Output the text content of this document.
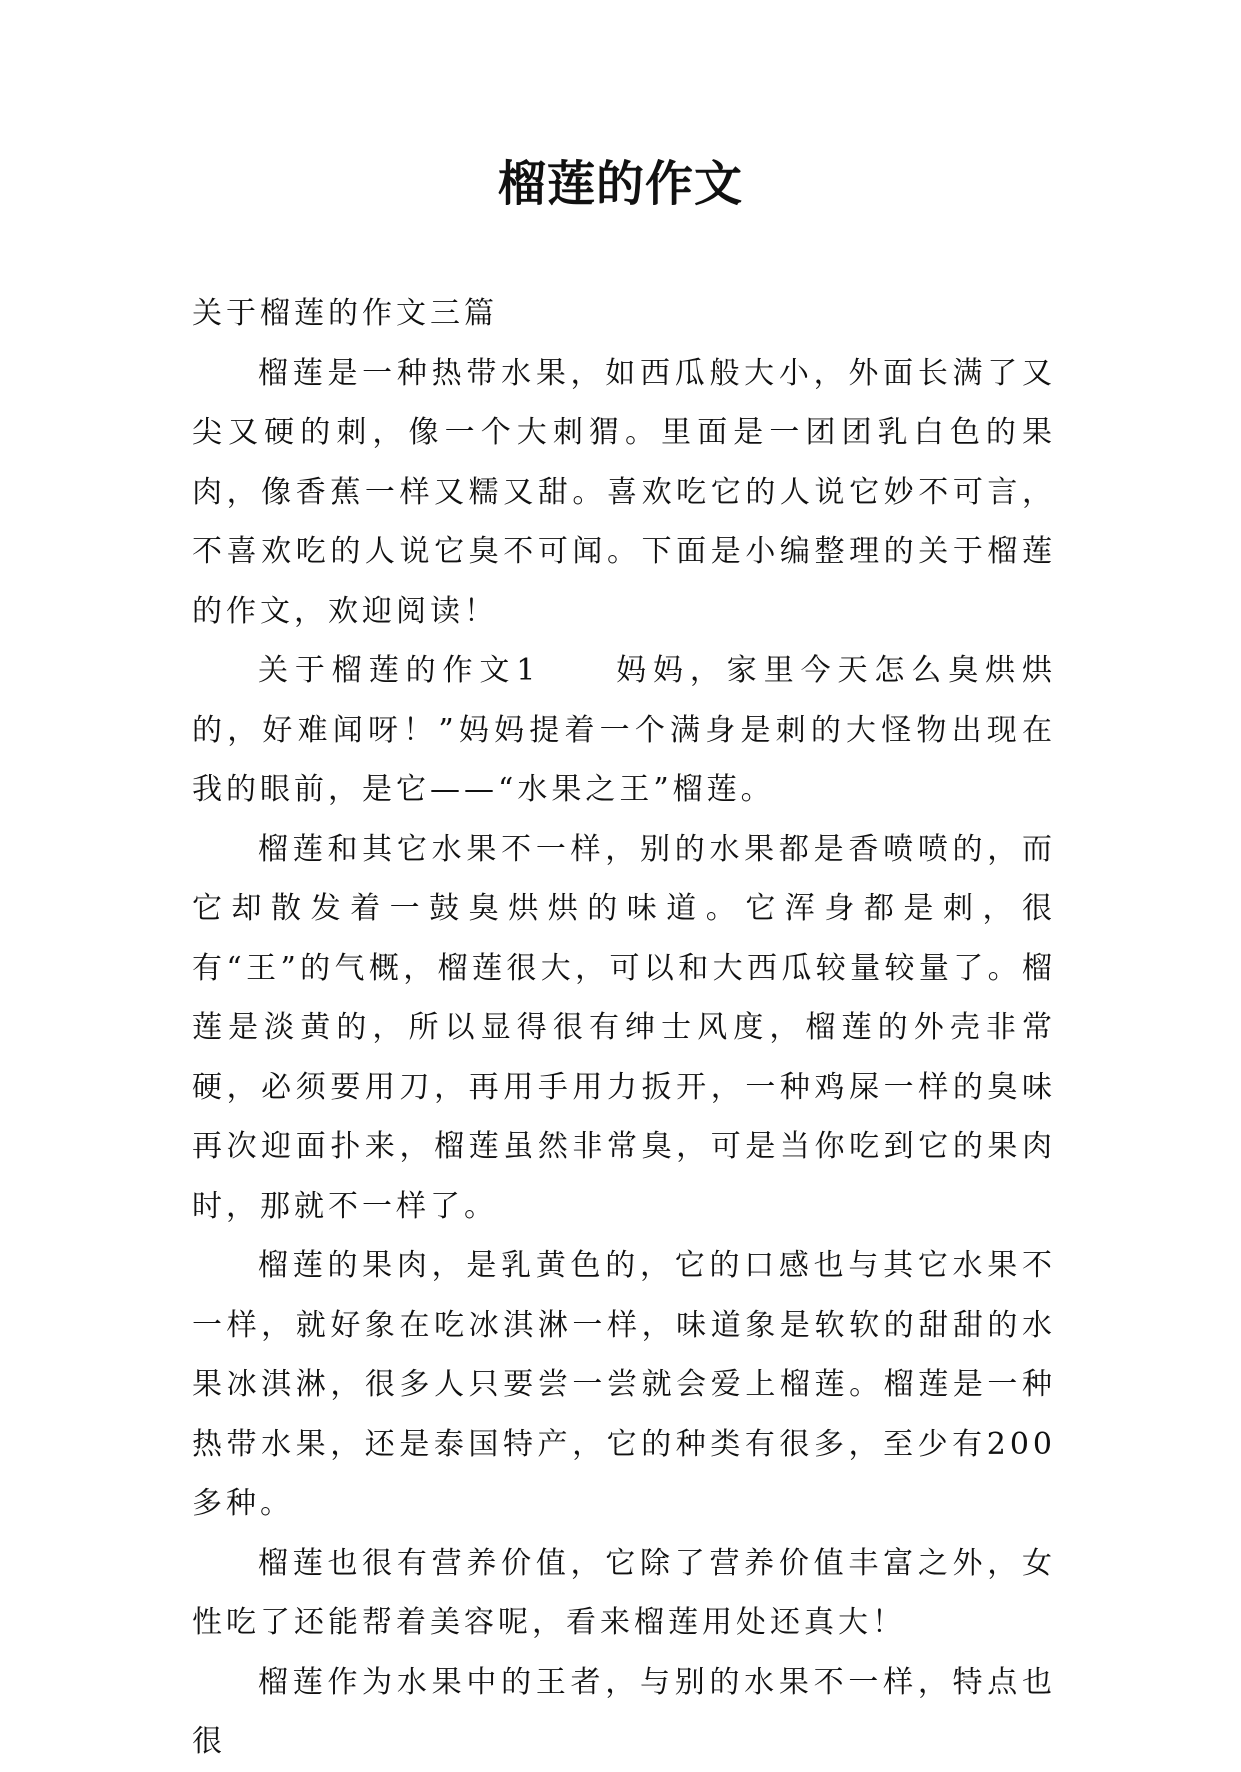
榴莲的作文

关于榴莲的作文三篇

榴莲是一种热带水果，如西瓜般大小，外面长满了又尖又硬的刺，像一个大刺猬。里面是一团团乳白色的果肉，像香蕉一样又糯又甜。喜欢吃它的人说它妙不可言，不喜欢吃的人说它臭不可闻。下面是小编整理的关于榴莲的作文，欢迎阅读！

关于榴莲的作文1　　妈妈，家里今天怎么臭烘烘的，好难闻呀！”妈妈提着一个满身是刺的大怪物出现在我的眼前，是它——“水果之王”榴莲。

榴莲和其它水果不一样，别的水果都是香喷喷的，而它却散发着一鼓臭烘烘的味道。它浑身都是刺，很有“王”的气概，榴莲很大，可以和大西瓜较量较量了。榴莲是淡黄的，所以显得很有绅士风度，榴莲的外壳非常硬，必须要用刀，再用手用力扳开，一种鸡屎一样的臭味再次迎面扑来，榴莲虽然非常臭，可是当你吃到它的果肉时，那就不一样了。

榴莲的果肉，是乳黄色的，它的口感也与其它水果不一样，就好象在吃冰淇淋一样，味道象是软软的甜甜的水果冰淇淋，很多人只要尝一尝就会爱上榴莲。榴莲是一种热带水果，还是泰国特产，它的种类有很多，至少有200多种。

榴莲也很有营养价值，它除了营养价值丰富之外，女性吃了还能帮着美容呢，看来榴莲用处还真大！

榴莲作为水果中的王者，与别的水果不一样，特点也很
